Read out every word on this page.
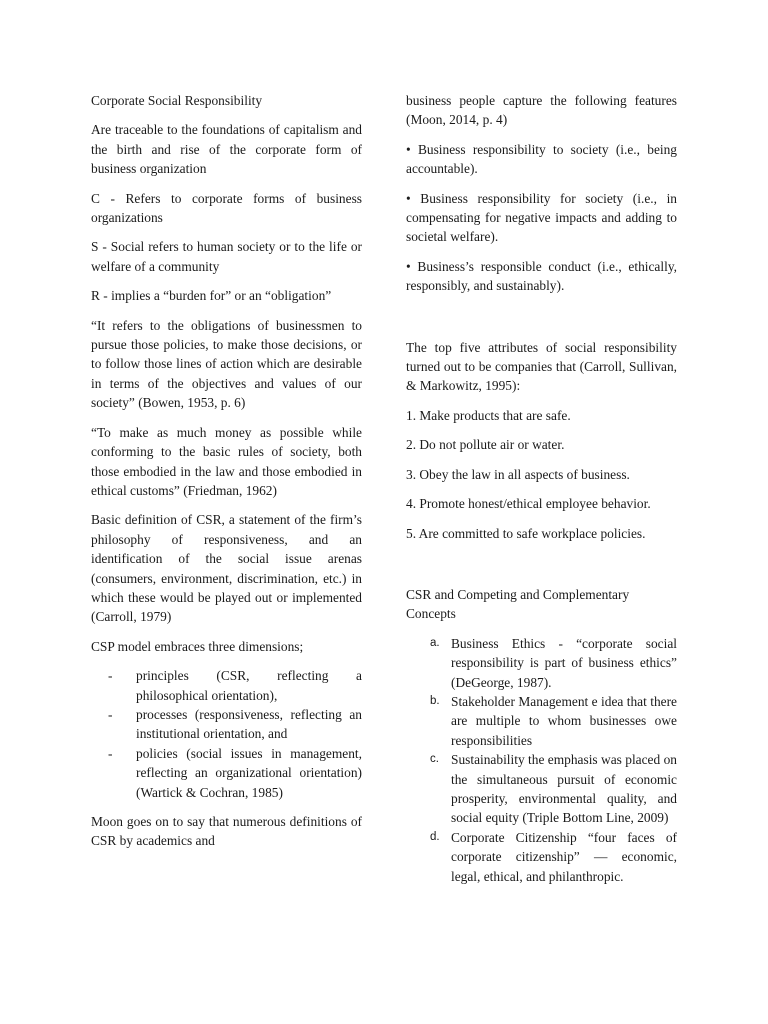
Corporate Social Responsibility

Are traceable to the foundations of capitalism and the birth and rise of the corporate form of business organization

C - Refers to corporate forms of business organizations

S - Social refers to human society or to the life or welfare of a community

R - implies a “burden for” or an “obligation”

“It refers to the obligations of businessmen to pursue those policies, to make those decisions, or to follow those lines of action which are desirable in terms of the objectives and values of our society” (Bowen, 1953, p. 6)

“To make as much money as possible while conforming to the basic rules of society, both those embodied in the law and those embodied in ethical customs” (Friedman, 1962)

Basic definition of CSR, a statement of the firm’s philosophy of responsiveness, and an identification of the social issue arenas (consumers, environment, discrimination, etc.) in which these would be played out or implemented (Carroll, 1979)

CSP model embraces three dimensions;

- principles (CSR, reflecting a philosophical orientation),
- processes (responsiveness, reflecting an institutional orientation, and
- policies (social issues in management, reflecting an organizational orientation) (Wartick & Cochran, 1985)

Moon goes on to say that numerous definitions of CSR by academics and

business people capture the following features (Moon, 2014, p. 4)

• Business responsibility to society (i.e., being accountable).

• Business responsibility for society (i.e., in compensating for negative impacts and adding to societal welfare).

• Business’s responsible conduct (i.e., ethically, responsibly, and sustainably).

The top five attributes of social responsibility turned out to be companies that (Carroll, Sullivan, & Markowitz, 1995):

1. Make products that are safe.

2. Do not pollute air or water.

3. Obey the law in all aspects of business.

4. Promote honest/ethical employee behavior.

5. Are committed to safe workplace policies.

CSR and Competing and Complementary Concepts

a. Business Ethics - “corporate social responsibility is part of business ethics” (DeGeorge, 1987).
b. Stakeholder Management e idea that there are multiple to whom businesses owe responsibilities
c. Sustainability the emphasis was placed on the simultaneous pursuit of economic prosperity, environmental quality, and social equity (Triple Bottom Line, 2009)
d. Corporate Citizenship “four faces of corporate citizenship” — economic, legal, ethical, and philanthropic.
